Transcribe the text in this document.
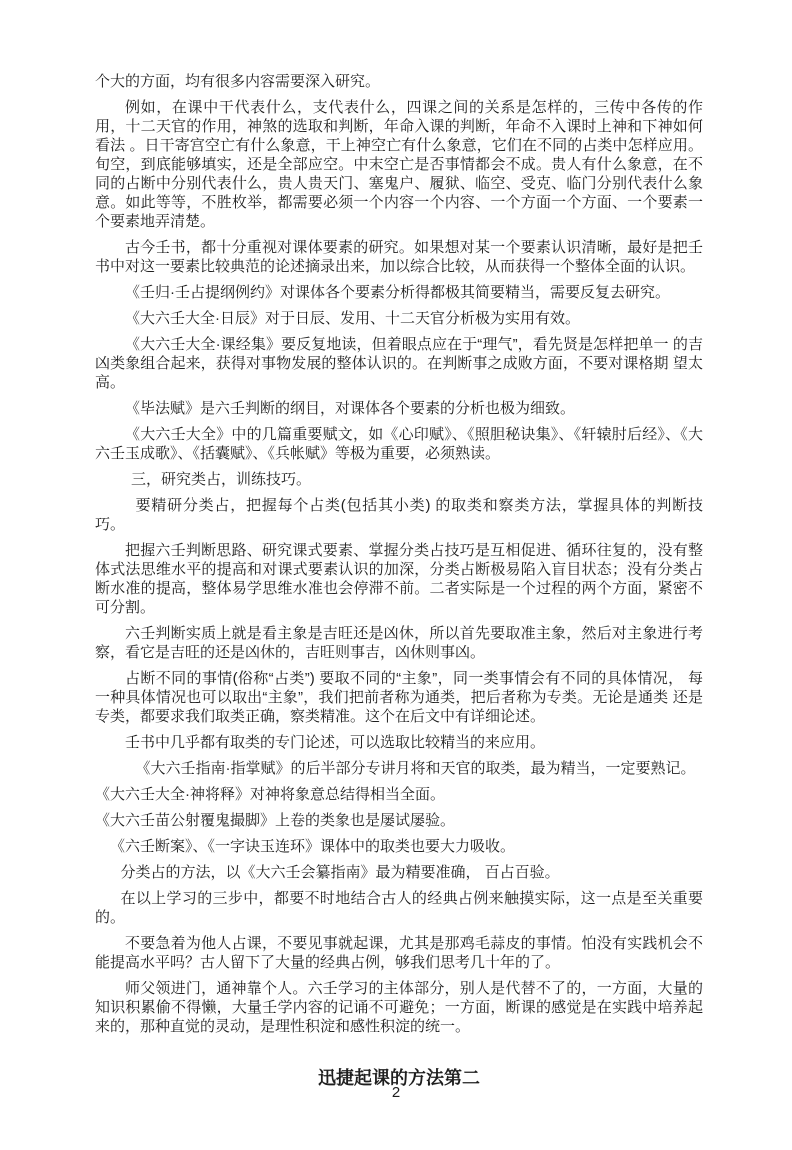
个大的方面，均有很多内容需要深入研究。

例如，在课中干代表什么，支代表什么，四课之间的关系是怎样的，三传中各传的作用，十二天官的作用，神煞的选取和判断，年命入课的判断，年命不入课时上神和下神如何看法 。日干寄宫空亡有什么象意，干上神空亡有什么象意，它们在不同的占类中怎样应用。旬空，到底能够填实，还是全部应空。中末空亡是否事情都会不成。贵人有什么象意，在不同的占断中分别代表什么，贵人贵天门、塞鬼户、履狱、临空、受克、临门分别代表什么象意。如此等等，不胜枚举，都需要必须一个内容一个内容、一个方面一个方面、一个要素一个要素地弄清楚。

古今壬书，都十分重视对课体要素的研究。如果想对某一个要素认识清晰，最好是把壬书中对这一要素比较典范的论述摘录出来，加以综合比较，从而获得一个整体全面的认识。

《壬归·壬占提纲例约》对课体各个要素分析得都极其简要精当，需要反复去研究。

《大六壬大全·日辰》对于日辰、发用、十二天官分析极为实用有效。

《大六壬大全·课经集》要反复地读，但着眼点应在于“理气”，看先贤是怎样把单一 的吉凶类象组合起来，获得对事物发展的整体认识的。在判断事之成败方面，不要对课格期 望太高。

《毕法赋》是六壬判断的纲目，对课体各个要素的分析也极为细致。

《大六壬大全》中的几篇重要赋文，如《心印赋》、《照胆秘诀集》、《轩辕肘后经》、《大 六壬玉成歌》、《括囊赋》、《兵帐赋》等极为重要，必须熟读。

三，研究类占，训练技巧。

要精研分类占，把握每个占类(包括其小类) 的取类和察类方法，掌握具体的判断技巧。

把握六壬判断思路、研究课式要素、掌握分类占技巧是互相促进、循环往复的，没有整体式法思维水平的提高和对课式要素认识的加深，分类占断极易陷入盲目状态；没有分类占断水准的提高，整体易学思维水准也会停滞不前。二者实际是一个过程的两个方面，紧密不可分割。

六壬判断实质上就是看主象是吉旺还是凶休，所以首先要取准主象，然后对主象进行考察，看它是吉旺的还是凶休的，吉旺则事吉，凶休则事凶。

占断不同的事情(俗称“占类”) 要取不同的“主象”，同一类事情会有不同的具体情况， 每一种具体情况也可以取出“主象”，我们把前者称为通类，把后者称为专类。无论是通类 还是专类，都要求我们取类正确，察类精准。这个在后文中有详细论述。

壬书中几乎都有取类的专门论述，可以选取比较精当的来应用。

《大六壬指南·指掌赋》的后半部分专讲月将和天官的取类，最为精当，一定要熟记。

《大六壬大全·神将释》对神将象意总结得相当全面。

《大六壬苗公射覆鬼撮脚》上卷的类象也是屡试屡验。

《六壬断案》、《一字诀玉连环》课体中的取类也要大力吸收。

分类占的方法，以《大六壬会纂指南》最为精要准确， 百占百验。

在以上学习的三步中，都要不时地结合古人的经典占例来触摸实际，这一点是至关重要的。

不要急着为他人占课，不要见事就起课，尤其是那鸡毛蒜皮的事情。怕没有实践机会不能提高水平吗？古人留下了大量的经典占例，够我们思考几十年的了。

师父领进门，通神靠个人。六壬学习的主体部分，别人是代替不了的，一方面，大量的知识积累偷不得懒，大量壬学内容的记诵不可避免；一方面，断课的感觉是在实践中培养起来的，那种直觉的灵动，是理性积淀和感性积淀的统一。

迅捷起课的方法第二
2
